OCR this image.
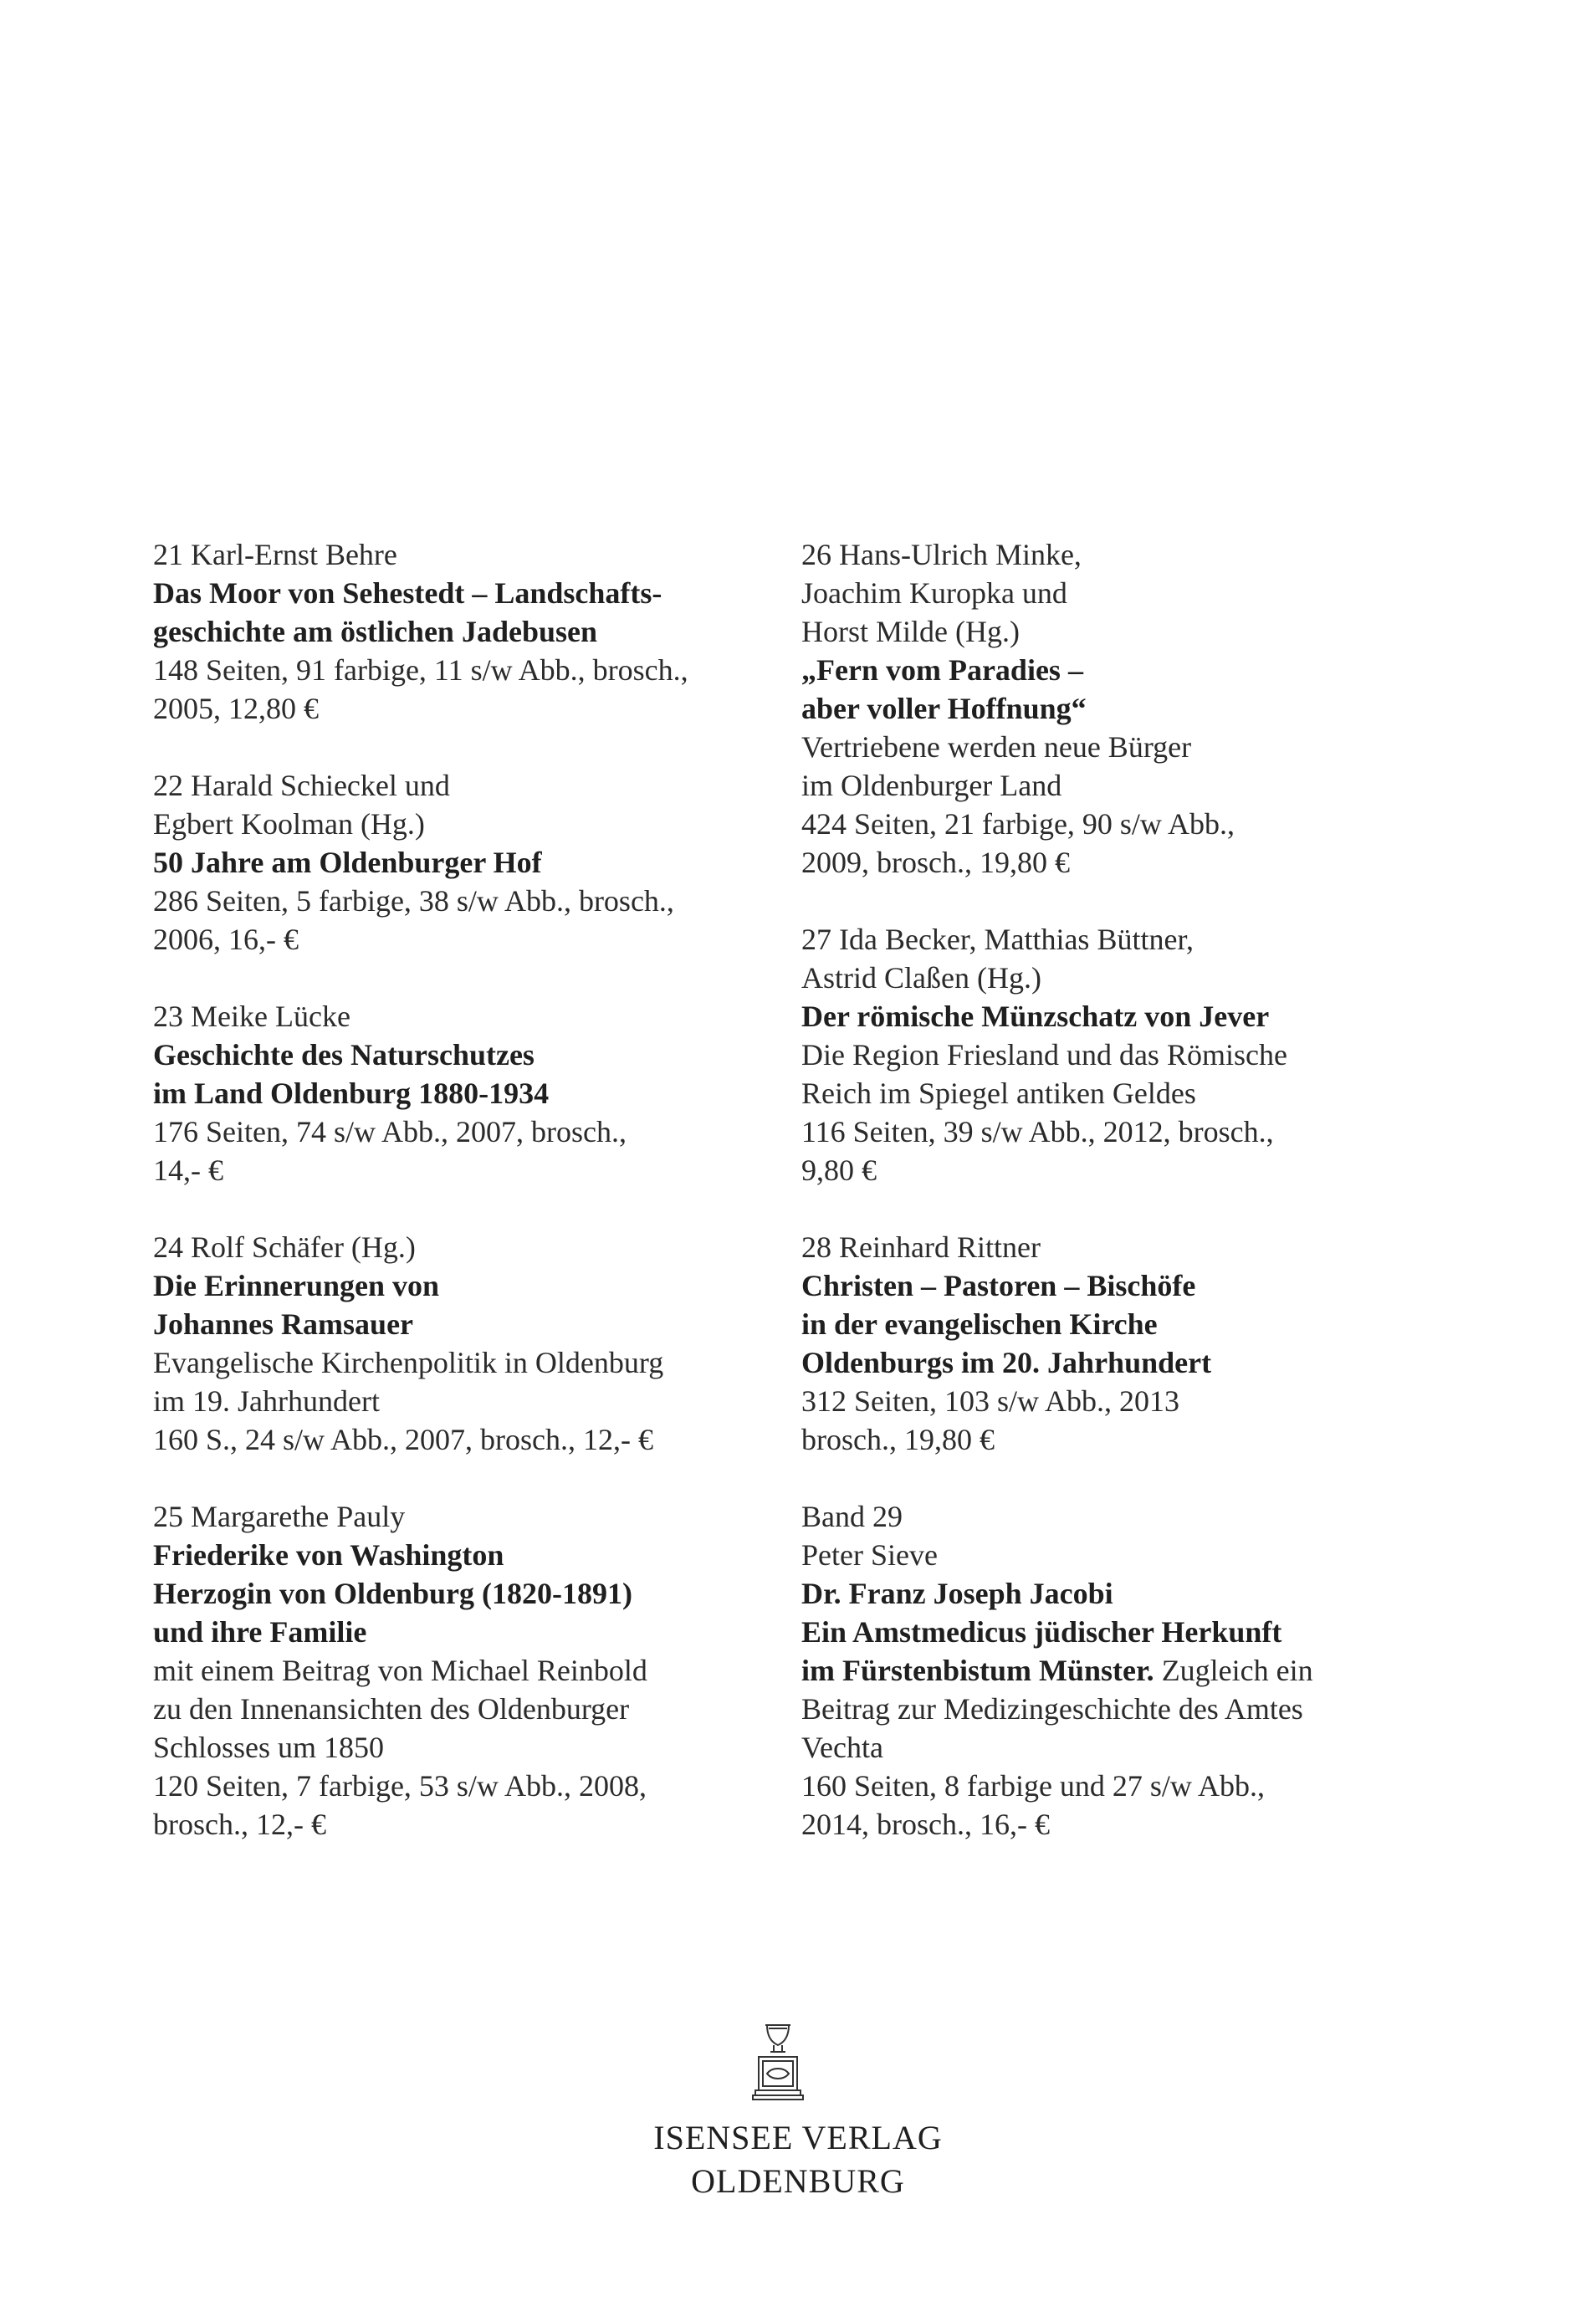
21 Karl-Ernst Behre
Das Moor von Sehestedt – Landschafts-
geschichte am östlichen Jadebusen
148 Seiten, 91 farbige, 11 s/w Abb., brosch.,
2005, 12,80 €
22 Harald Schieckel und
Egbert Koolman (Hg.)
50 Jahre am Oldenburger Hof
286 Seiten, 5 farbige, 38 s/w Abb., brosch.,
2006, 16,- €
23 Meike Lücke
Geschichte des Naturschutzes
im Land Oldenburg 1880-1934
176 Seiten, 74 s/w Abb., 2007, brosch.,
14,- €
24 Rolf Schäfer (Hg.)
Die Erinnerungen von
Johannes Ramsauer
Evangelische Kirchenpolitik in Oldenburg
im 19. Jahrhundert
160 S., 24 s/w Abb., 2007, brosch., 12,- €
25 Margarethe Pauly
Friederike von Washington
Herzogin von Oldenburg (1820-1891)
und ihre Familie
mit einem Beitrag von Michael Reinbold
zu den Innenansichten des Oldenburger
Schlosses um 1850
120 Seiten, 7 farbige, 53 s/w Abb., 2008,
brosch., 12,- €
26 Hans-Ulrich Minke,
Joachim Kuropka und
Horst Milde (Hg.)
„Fern vom Paradies –
aber voller Hoffnung“
Vertriebene werden neue Bürger
im Oldenburger Land
424 Seiten, 21 farbige, 90 s/w Abb.,
2009, brosch., 19,80 €
27 Ida Becker, Matthias Büttner,
Astrid Claßen (Hg.)
Der römische Münzschatz von Jever
Die Region Friesland und das Römische
Reich im Spiegel antiken Geldes
116 Seiten, 39 s/w Abb., 2012, brosch.,
9,80 €
28 Reinhard Rittner
Christen – Pastoren – Bischöfe
in der evangelischen Kirche
Oldenburgs im 20. Jahrhundert
312 Seiten, 103 s/w Abb., 2013
brosch., 19,80 €
Band 29
Peter Sieve
Dr. Franz Joseph Jacobi
Ein Amstmedicus jüdischer Herkunft
im Fürstenbistum Münster. Zugleich ein
Beitrag zur Medizingeschichte des Amtes
Vechta
160 Seiten, 8 farbige und 27 s/w Abb.,
2014, brosch., 16,- €
ISENSEE VERLAG
OLDENBURG
